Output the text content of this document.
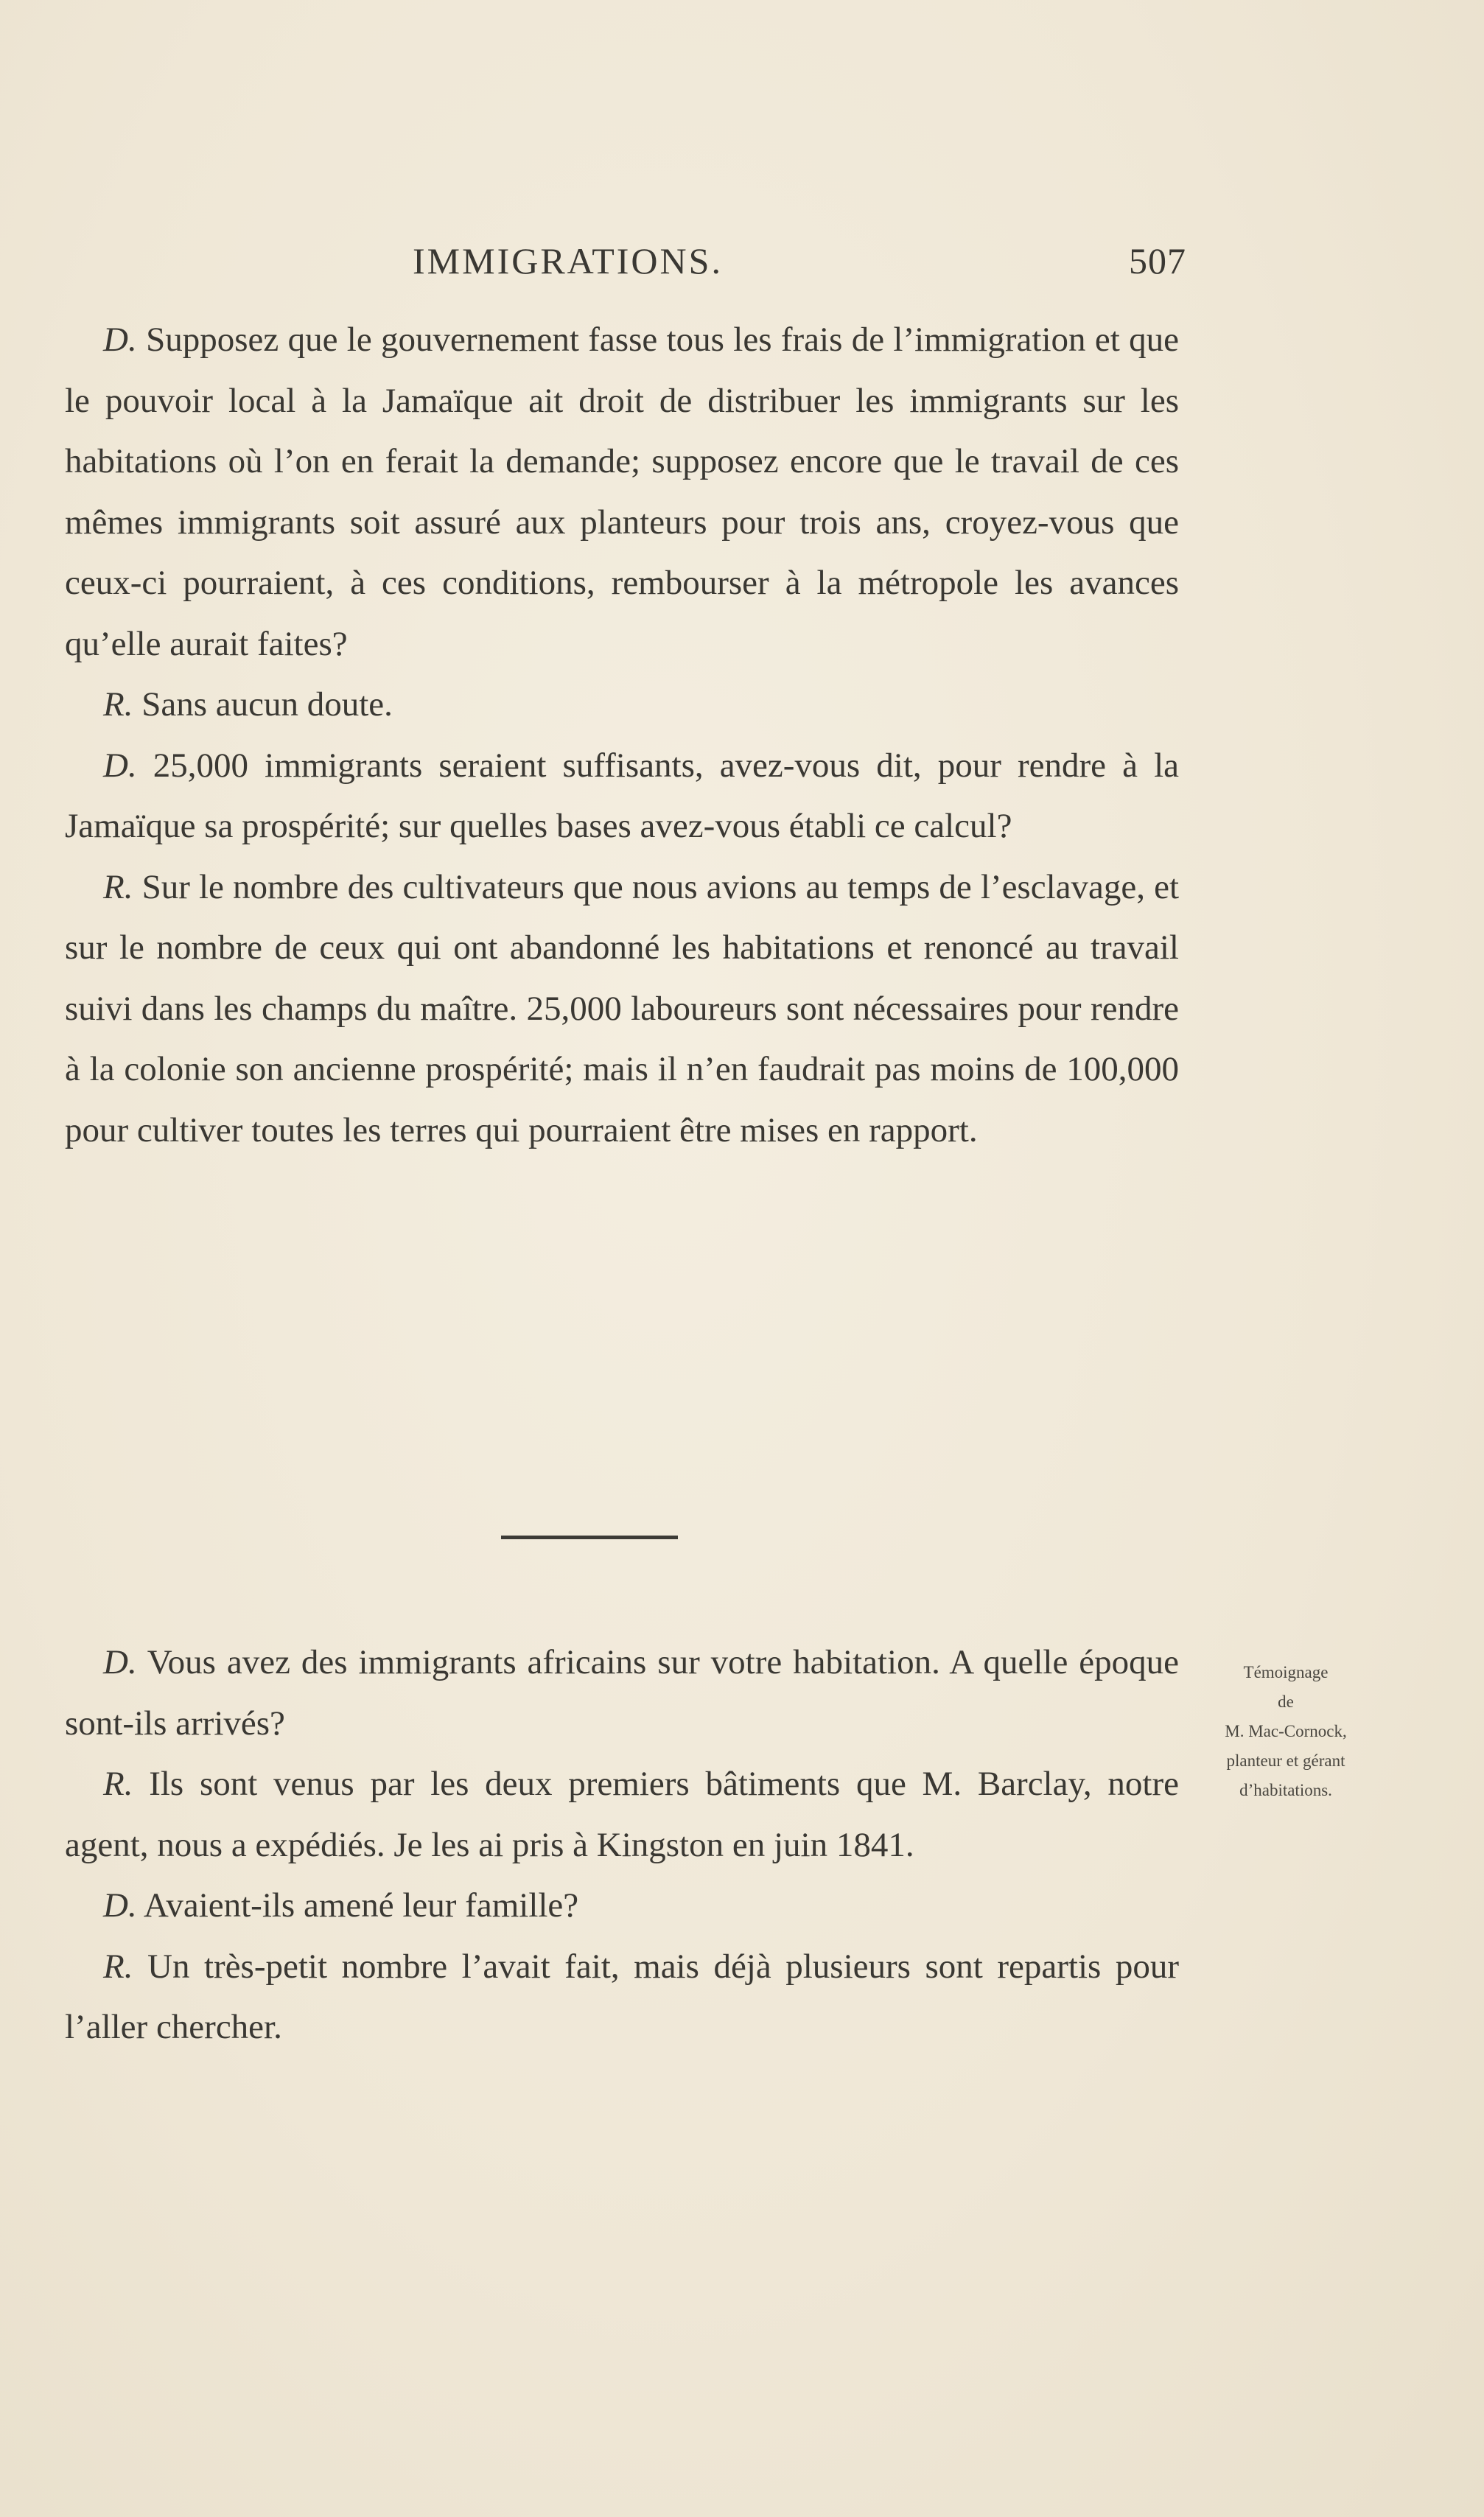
IMMIGRATIONS.	507

D. Supposez que le gouvernement fasse tous les frais de l’immigration et que le pouvoir local à la Jamaïque ait droit de distribuer les immigrants sur les habitations où l’on en ferait la demande; supposez encore que le travail de ces mêmes immigrants soit assuré aux planteurs pour trois ans, croyez-vous que ceux-ci pourraient, à ces conditions, rembourser à la métropole les avances qu’elle aurait faites?

R. Sans aucun doute.

D. 25,000 immigrants seraient suffisants, avez-vous dit, pour rendre à la Jamaïque sa prospérité; sur quelles bases avez-vous établi ce calcul?

R. Sur le nombre des cultivateurs que nous avions au temps de l’esclavage, et sur le nombre de ceux qui ont abandonné les habitations et renoncé au travail suivi dans les champs du maître. 25,000 laboureurs sont nécessaires pour rendre à la colonie son ancienne prospérité; mais il n’en faudrait pas moins de 100,000 pour cultiver toutes les terres qui pourraient être mises en rapport.

D. Vous avez des immigrants africains sur votre habitation. A quelle époque sont-ils arrivés?

R. Ils sont venus par les deux premiers bâtiments que M. Barclay, notre agent, nous a expédiés. Je les ai pris à Kingston en juin 1841.

D. Avaient-ils amené leur famille?

R. Un très-petit nombre l’avait fait, mais déjà plusieurs sont repartis pour l’aller chercher.

Témoignage
de
M. Mac-Cornock,
planteur et gérant
d’habitations.
